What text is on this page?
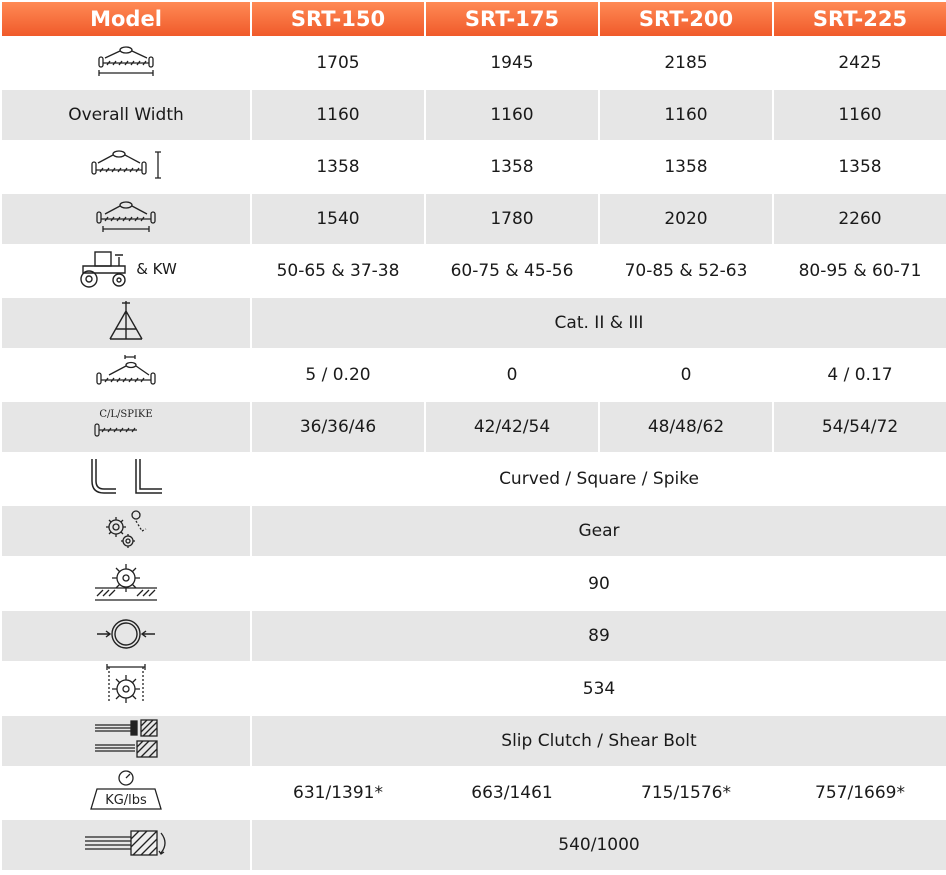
Model	SRT-150	SRT-175	SRT-200	SRT-225
	1705	1945	2185	2425
Overall Width	1160	1160	1160	1160
	1358	1358	1358	1358
	1540	1780	2020	2260

& KW	50-65 & 37-38	60-75 & 45-56	70-85 & 52-63	80-95 & 60-71
	Cat. II & III			
	5 / 0.20	0	0	4 / 0.17

C/L/SPIKE	36/36/46	42/42/54	48/48/62	54/54/72
	Curved / Square / Spike			
	Gear			
	90			
	89			
	534			
	Slip Clutch / Shear Bolt			

KG/lbs	631/1391*	663/1461	715/1576*	757/1669*
	540/1000			
